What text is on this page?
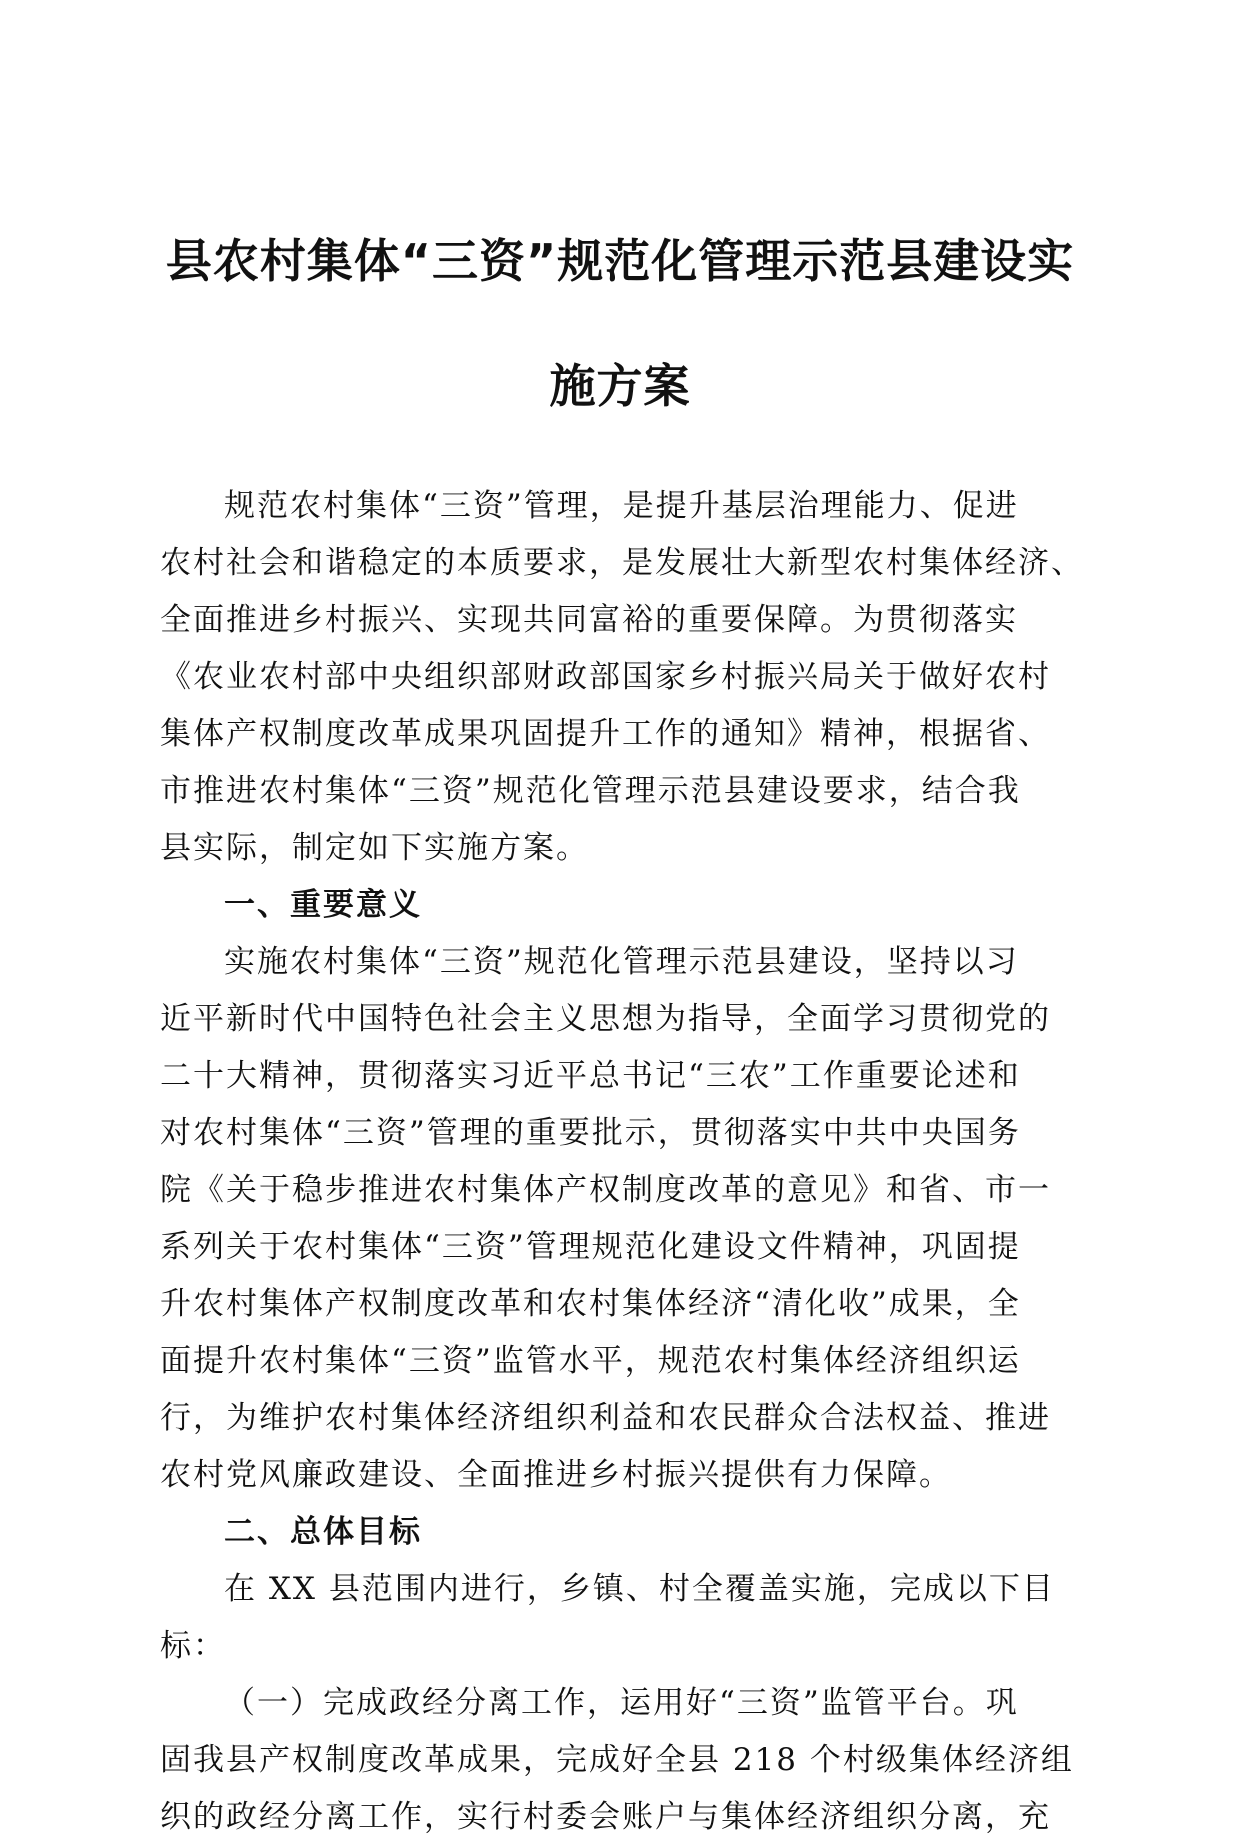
县农村集体“三资”规范化管理示范县建设实
施方案
规范农村集体“三资”管理，是提升基层治理能力、促进
农村社会和谐稳定的本质要求，是发展壮大新型农村集体经济、
全面推进乡村振兴、实现共同富裕的重要保障。为贯彻落实
《农业农村部中央组织部财政部国家乡村振兴局关于做好农村
集体产权制度改革成果巩固提升工作的通知》精神，根据省、
市推进农村集体“三资”规范化管理示范县建设要求，结合我
县实际，制定如下实施方案。
一、重要意义
实施农村集体“三资”规范化管理示范县建设，坚持以习
近平新时代中国特色社会主义思想为指导，全面学习贯彻党的
二十大精神，贯彻落实习近平总书记“三农”工作重要论述和
对农村集体“三资”管理的重要批示，贯彻落实中共中央国务
院《关于稳步推进农村集体产权制度改革的意见》和省、市一
系列关于农村集体“三资”管理规范化建设文件精神，巩固提
升农村集体产权制度改革和农村集体经济“清化收”成果，全
面提升农村集体“三资”监管水平，规范农村集体经济组织运
行，为维护农村集体经济组织利益和农民群众合法权益、推进
农村党风廉政建设、全面推进乡村振兴提供有力保障。
二、总体目标
在 XX 县范围内进行，乡镇、村全覆盖实施，完成以下目
标：
（一）完成政经分离工作，运用好“三资”监管平台。巩
固我县产权制度改革成果，完成好全县 218 个村级集体经济组
织的政经分离工作，实行村委会账户与集体经济组织分离，充
